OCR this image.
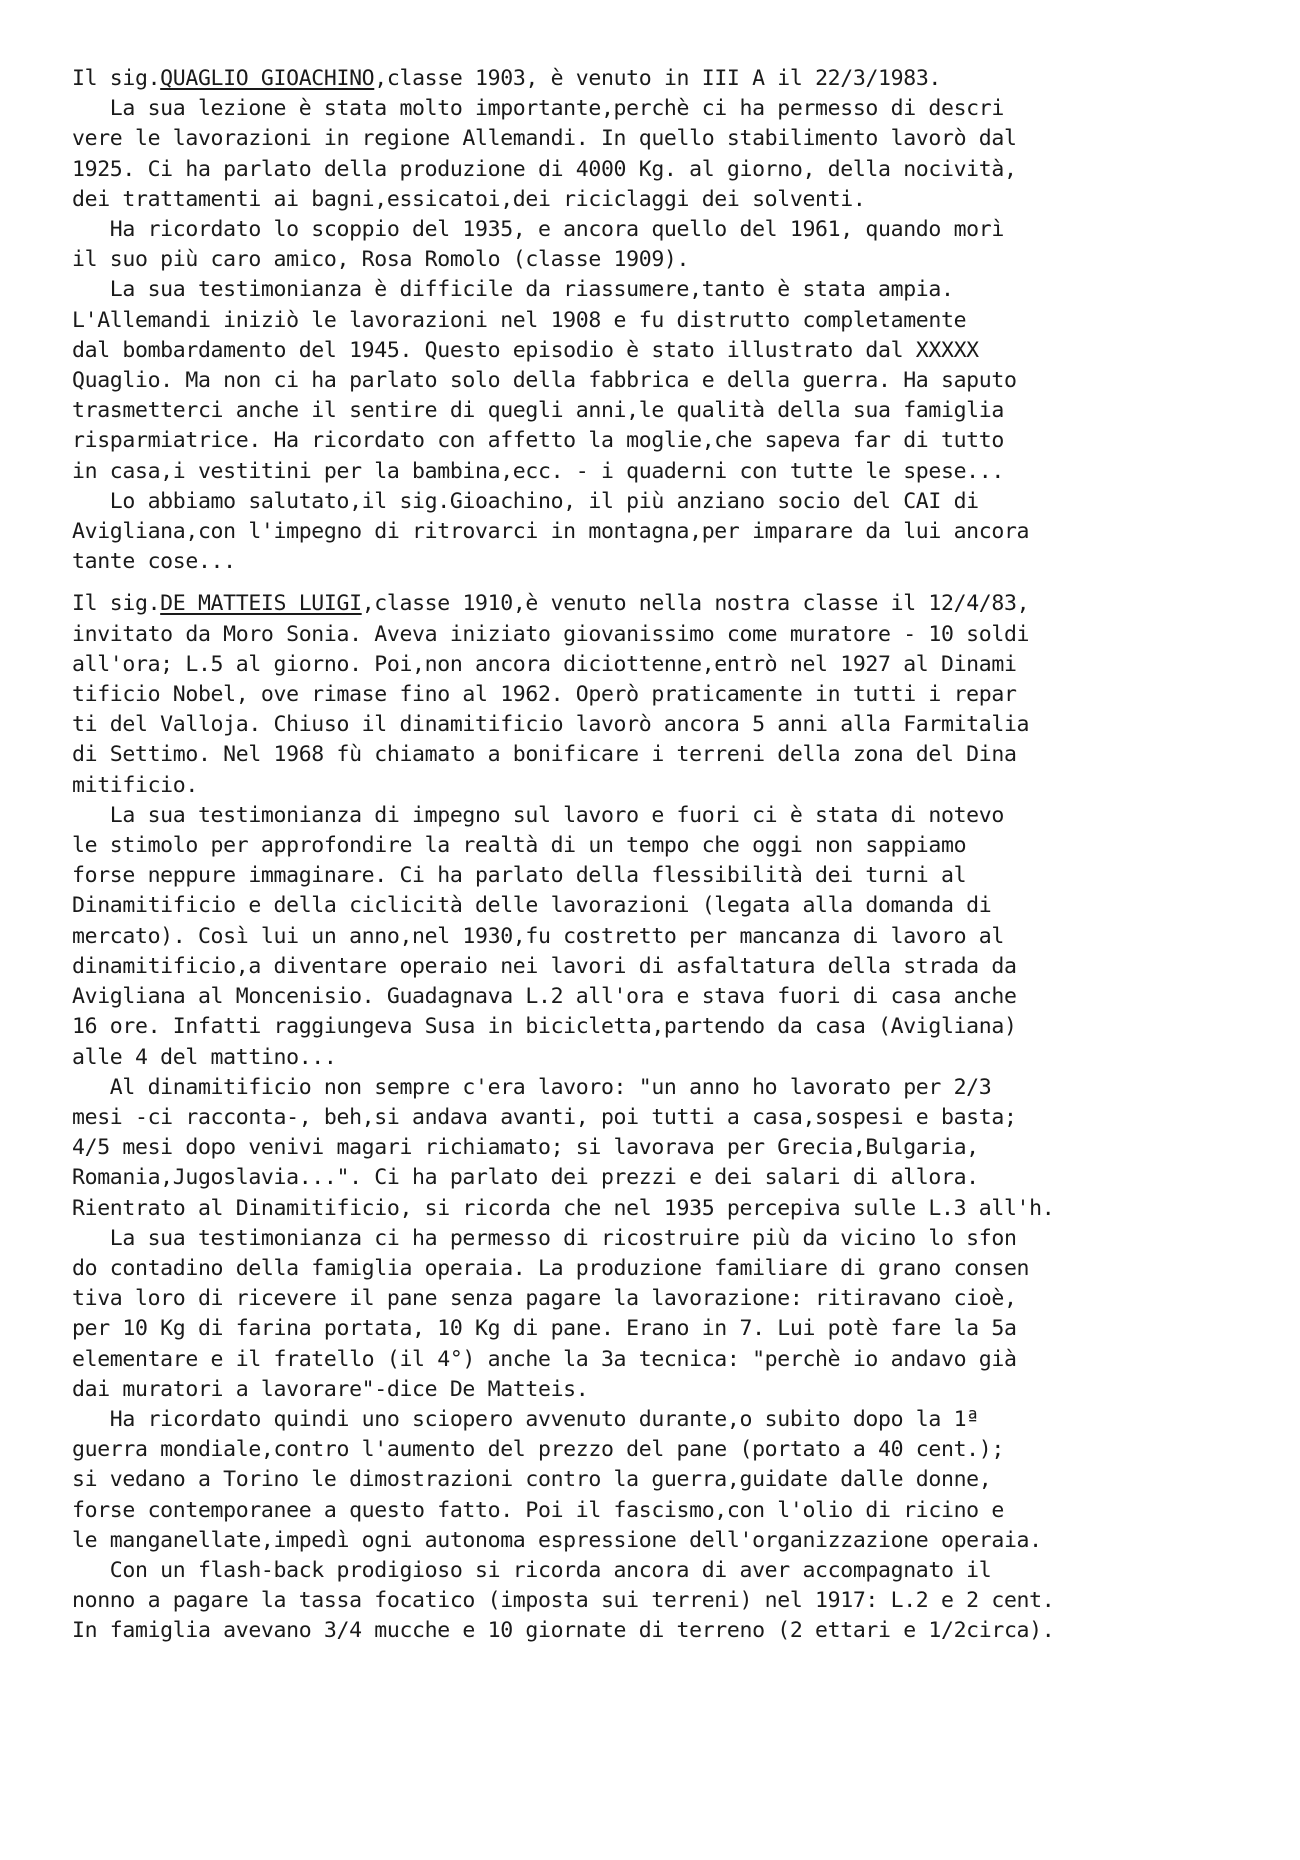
Il sig.QUAGLIO GIOACHINO,classe 1903, è venuto in III A il 22/3/1983.
La sua lezione è stata molto importante,perchè ci ha permesso di descri
vere le lavorazioni in regione Allemandi. In quello stabilimento lavorò dal
1925. Ci ha parlato della produzione di 4000 Kg. al giorno, della nocività,
dei trattamenti ai bagni,essicatoi,dei riciclaggi dei solventi.
Ha ricordato lo scoppio del 1935, e ancora quello del 1961, quando morì
il suo più caro amico, Rosa Romolo (classe 1909).
La sua testimonianza è difficile da riassumere,tanto è stata ampia.
L'Allemandi iniziò le lavorazioni nel 1908 e fu distrutto completamente
dal bombardamento del 1945. Questo episodio è stato illustrato dal XXXXX
Quaglio. Ma non ci ha parlato solo della fabbrica e della guerra. Ha saputo
trasmetterci anche il sentire di quegli anni,le qualità della sua famiglia
risparmiatrice. Ha ricordato con affetto la moglie,che sapeva far di tutto
in casa,i vestitini per la bambina,ecc. - i quaderni con tutte le spese...
Lo abbiamo salutato,il sig.Gioachino, il più anziano socio del CAI di
Avigliana,con l'impegno di ritrovarci in montagna,per imparare da lui ancora
tante cose...
Il sig.DE MATTEIS LUIGI,classe 1910,è venuto nella nostra classe il 12/4/83,
invitato da Moro Sonia. Aveva iniziato giovanissimo come muratore - 10 soldi
all'ora; L.5 al giorno. Poi,non ancora diciottenne,entrò nel 1927 al Dinami
tificio Nobel, ove rimase fino al 1962. Operò praticamente in tutti i repar
ti del Valloja. Chiuso il dinamitificio lavorò ancora 5 anni alla Farmitalia
di Settimo. Nel 1968 fù chiamato a bonificare i terreni della zona del Dina
mitificio.
La sua testimonianza di impegno sul lavoro e fuori ci è stata di notevo
le stimolo per approfondire la realtà di un tempo che oggi non sappiamo
forse neppure immaginare. Ci ha parlato della flessibilità dei turni al
Dinamitificio e della ciclicità delle lavorazioni (legata alla domanda di
mercato). Così lui un anno,nel 1930,fu costretto per mancanza di lavoro al
dinamitificio,a diventare operaio nei lavori di asfaltatura della strada da
Avigliana al Moncenisio. Guadagnava L.2 all'ora e stava fuori di casa anche
16 ore. Infatti raggiungeva Susa in bicicletta,partendo da casa (Avigliana)
alle 4 del mattino...
Al dinamitificio non sempre c'era lavoro: "un anno ho lavorato per 2/3
mesi -ci racconta-, beh,si andava avanti, poi tutti a casa,sospesi e basta;
4/5 mesi dopo venivi magari richiamato; si lavorava per Grecia,Bulgaria,
Romania,Jugoslavia...". Ci ha parlato dei prezzi e dei salari di allora.
Rientrato al Dinamitificio, si ricorda che nel 1935 percepiva sulle L.3 all'h.
La sua testimonianza ci ha permesso di ricostruire più da vicino lo sfon
do contadino della famiglia operaia. La produzione familiare di grano consen
tiva loro di ricevere il pane senza pagare la lavorazione: ritiravano cioè,
per 10 Kg di farina portata, 10 Kg di pane. Erano in 7. Lui potè fare la 5a
elementare e il fratello (il 4°) anche la 3a tecnica: "perchè io andavo già
dai muratori a lavorare"-dice De Matteis.
Ha ricordato quindi uno sciopero avvenuto durante,o subito dopo la 1ª
guerra mondiale,contro l'aumento del prezzo del pane (portato a 40 cent.);
si vedano a Torino le dimostrazioni contro la guerra,guidate dalle donne,
forse contemporanee a questo fatto. Poi il fascismo,con l'olio di ricino e
le manganellate,impedì ogni autonoma espressione dell'organizzazione operaia.
Con un flash-back prodigioso si ricorda ancora di aver accompagnato il
nonno a pagare la tassa focatico (imposta sui terreni) nel 1917: L.2 e 2 cent.
In famiglia avevano 3/4 mucche e 10 giornate di terreno (2 ettari e 1/2circa).
